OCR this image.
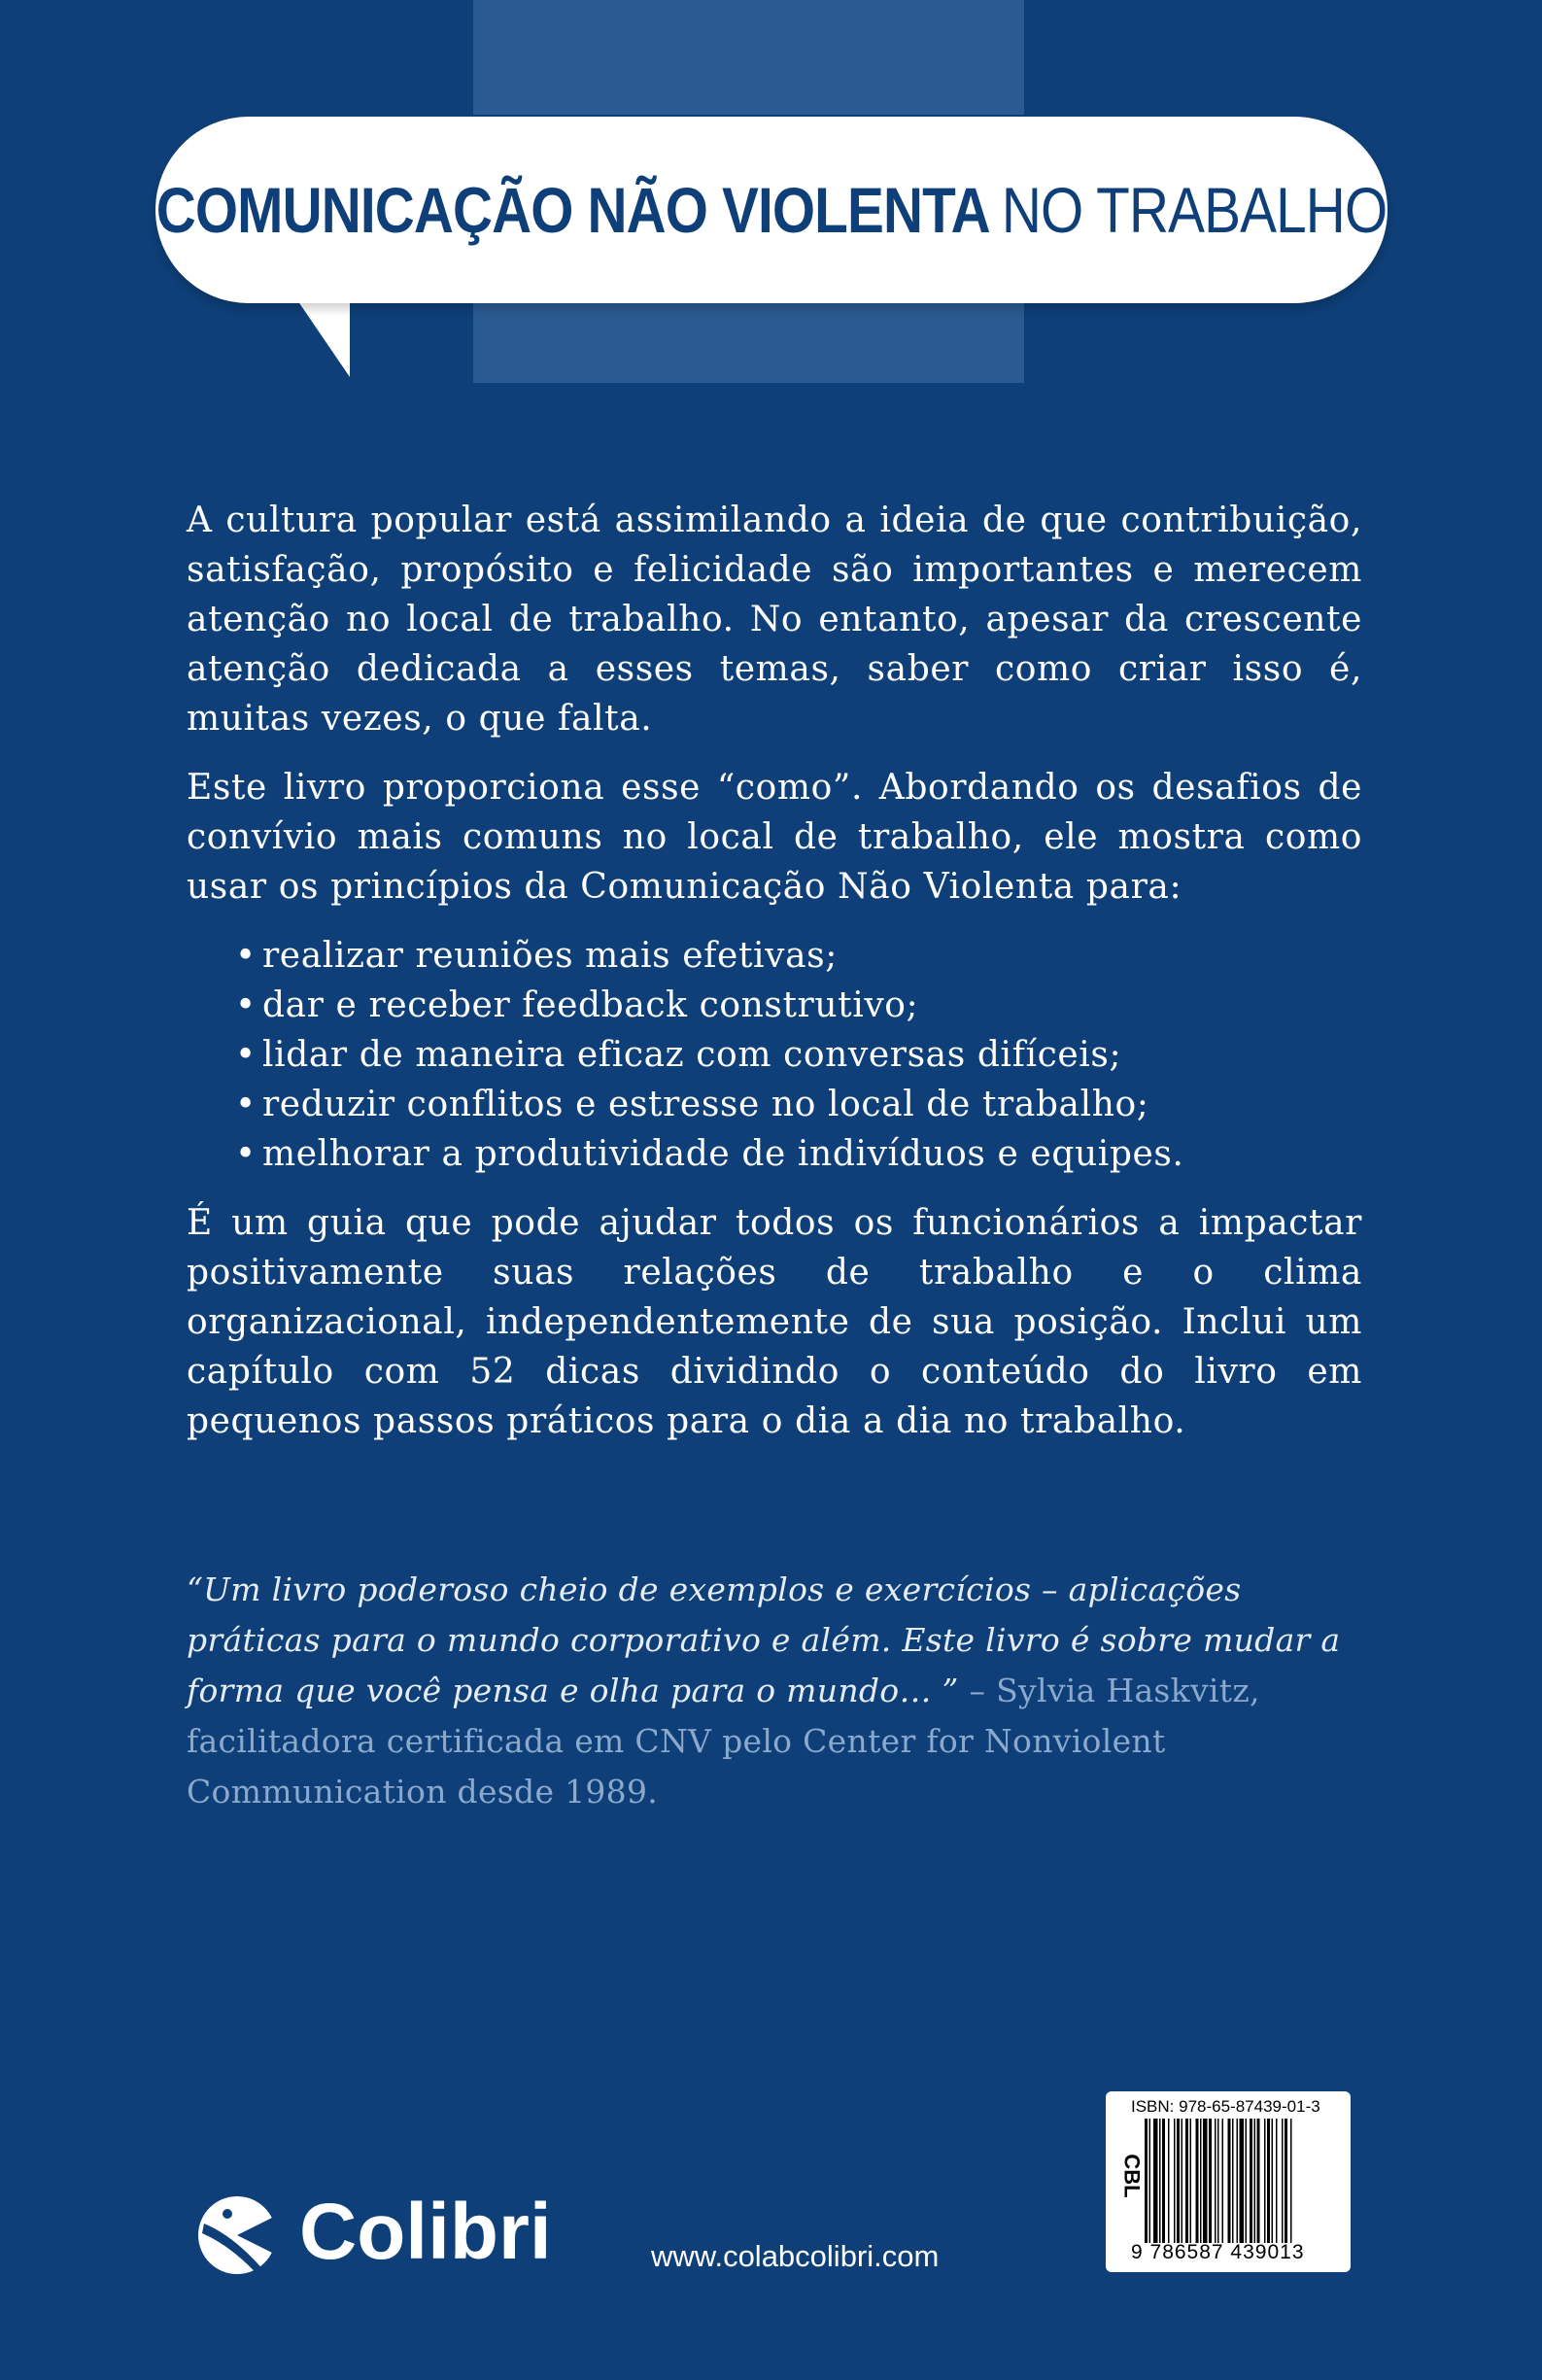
COMUNICAÇÃO NÃO VIOLENTA NO TRABALHO

A cultura popular está assimilando a ideia de que contribuição, satisfação, propósito e felicidade são importantes e merecem atenção no local de trabalho. No entanto, apesar da crescente atenção dedicada a esses temas, saber como criar isso é, muitas vezes, o que falta.

Este livro proporciona esse “como”. Abordando os desafios de convívio mais comuns no local de trabalho, ele mostra como usar os princípios da Comunicação Não Violenta para:

• realizar reuniões mais efetivas;
• dar e receber feedback construtivo;
• lidar de maneira eficaz com conversas difíceis;
• reduzir conflitos e estresse no local de trabalho;
• melhorar a produtividade de indivíduos e equipes.

É um guia que pode ajudar todos os funcionários a impactar positivamente suas relações de trabalho e o clima organizacional, independentemente de sua posição. Inclui um capítulo com 52 dicas dividindo o conteúdo do livro em pequenos passos práticos para o dia a dia no trabalho.

“Um livro poderoso cheio de exemplos e exercícios – aplicações práticas para o mundo corporativo e além. Este livro é sobre mudar a forma que você pensa e olha para o mundo… ” – Sylvia Haskvitz, facilitadora certificada em CNV pelo Center for Nonviolent Communication desde 1989.
Colibri	www.colabcolibri.com
ISBN: 978-65-87439-01-3
CBL
9 786587 439013
